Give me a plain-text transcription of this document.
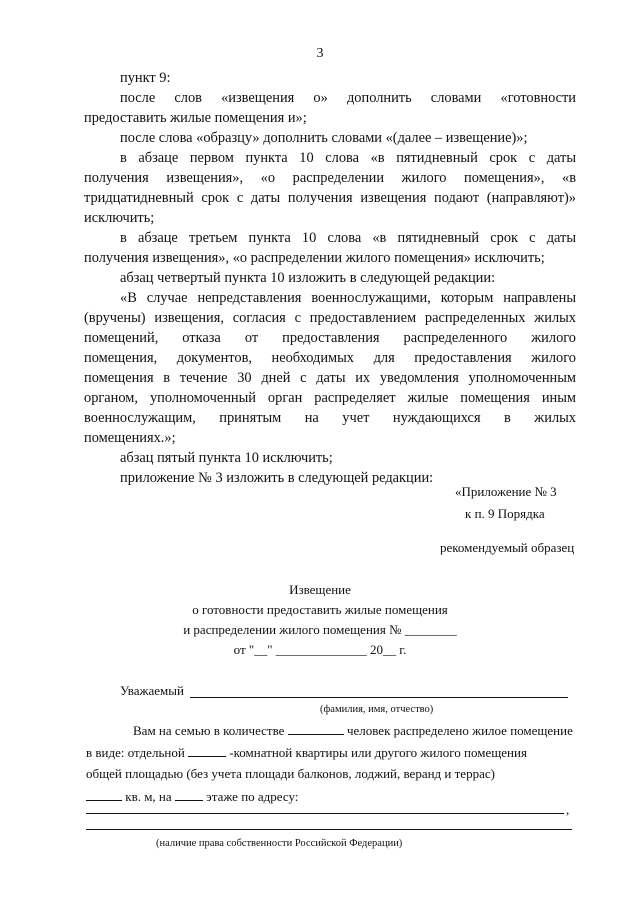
3

пункт 9:

после слов «извещения о» дополнить словами «готовности
предоставить жилые помещения и»;

после слова «образцу» дополнить словами «(далее – извещение)»;

в абзаце первом пункта 10 слова «в пятидневный срок с даты
получения извещения», «о распределении жилого помещения», «в
тридцатидневный срок с даты получения извещения подают (направляют)»
исключить;
в абзаце третьем пункта 10 слова «в пятидневный срок с даты
получения извещения», «о распределении жилого помещения» исключить;

абзац четвертый пункта 10 изложить в следующей редакции:

«В случае непредставления военнослужащими, которым направлены
(вручены) извещения, согласия с предоставлением распределенных жилых
помещений, отказа от предоставления распределенного жилого
помещения, документов, необходимых для предоставления жилого
помещения в течение 30 дней с даты их уведомления уполномоченным
органом, уполномоченный орган распределяет жилые помещения иным
военнослужащим, принятым на учет нуждающихся в жилых
помещениях.»;

абзац пятый пункта 10 исключить;

приложение № 3 изложить в следующей редакции:

«Приложение № 3
к п. 9 Порядка
рекомендуемый образец
Извещение
о готовности предоставить жилые помещения
и распределении жилого помещения № ________
от "__" ______________ 20__ г.
Уважаемый
(фамилия, имя, отчество)
Вам на семью в количестве	человек распределено жилое помещение
в виде: отдельной	-комнатной квартиры или другого жилого помещения
общей площадью (без учета площади балконов, лоджий, веранд и террас)
кв. м, на	этаже по адресу:
,
(наличие права собственности Российской Федерации)
